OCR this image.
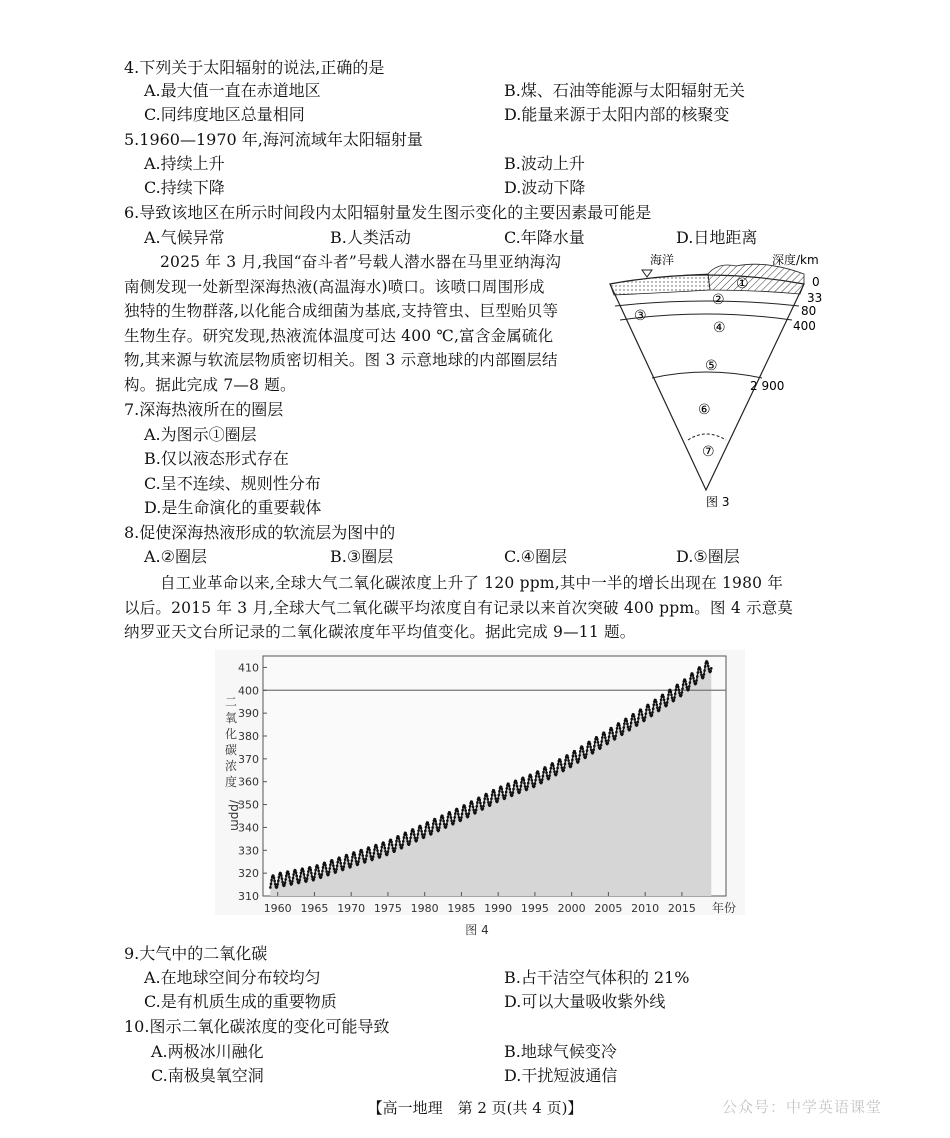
4.下列关于太阳辐射的说法,正确的是
A.最大值一直在赤道地区	B.煤、石油等能源与太阳辐射无关
C.同纬度地区总量相同	D.能量来源于太阳内部的核聚变
5.1960—1970 年,海河流域年太阳辐射量
A.持续上升	B.波动上升
C.持续下降	D.波动下降
6.导致该地区在所示时间段内太阳辐射量发生图示变化的主要因素最可能是
A.气候异常	B.人类活动	C.年降水量	D.日地距离
2025 年 3 月,我国“奋斗者”号载人潜水器在马里亚纳海沟
南侧发现一处新型深海热液(高温海水)喷口。该喷口周围形成
独特的生物群落,以化能合成细菌为基底,支持管虫、巨型贻贝等
生物生存。研究发现,热液流体温度可达 400 ℃,富含金属硫化
物,其来源与软流层物质密切相关。图 3 示意地球的内部圈层结
构。据此完成 7—8 题。
海洋	深度/km
0
33
80
400
2 900
①
②
③
④
⑤
⑥
⑦
图 3
7.深海热液所在的圈层
A.为图示①圈层
B.仅以液态形式存在
C.呈不连续、规则性分布
D.是生命演化的重要载体
8.促使深海热液形成的软流层为图中的
A.②圈层	B.③圈层	C.④圈层	D.⑤圈层
自工业革命以来,全球大气二氧化碳浓度上升了 120 ppm,其中一半的增长出现在 1980 年
以后。2015 年 3 月,全球大气二氧化碳平均浓度自有记录以来首次突破 400 ppm。图 4 示意莫
纳罗亚天文台所记录的二氧化碳浓度年平均值变化。据此完成 9—11 题。
310
320
330
340
350
360
370
380
390
400
410
1960 1965 1970 1975 1980 1985 1990 1995 2000 2005 2010 2015 年份
二
氧
化
碳
浓
度
/ppm
图 4
9.大气中的二氧化碳
A.在地球空间分布较均匀	B.占干洁空气体积的 21%
C.是有机质生成的重要物质	D.可以大量吸收紫外线
10.图示二氧化碳浓度的变化可能导致
A.两极冰川融化	B.地球气候变冷
C.南极臭氧空洞	D.干扰短波通信
【高一地理　第 2 页(共 4 页)】	公众号：中学英语课堂
